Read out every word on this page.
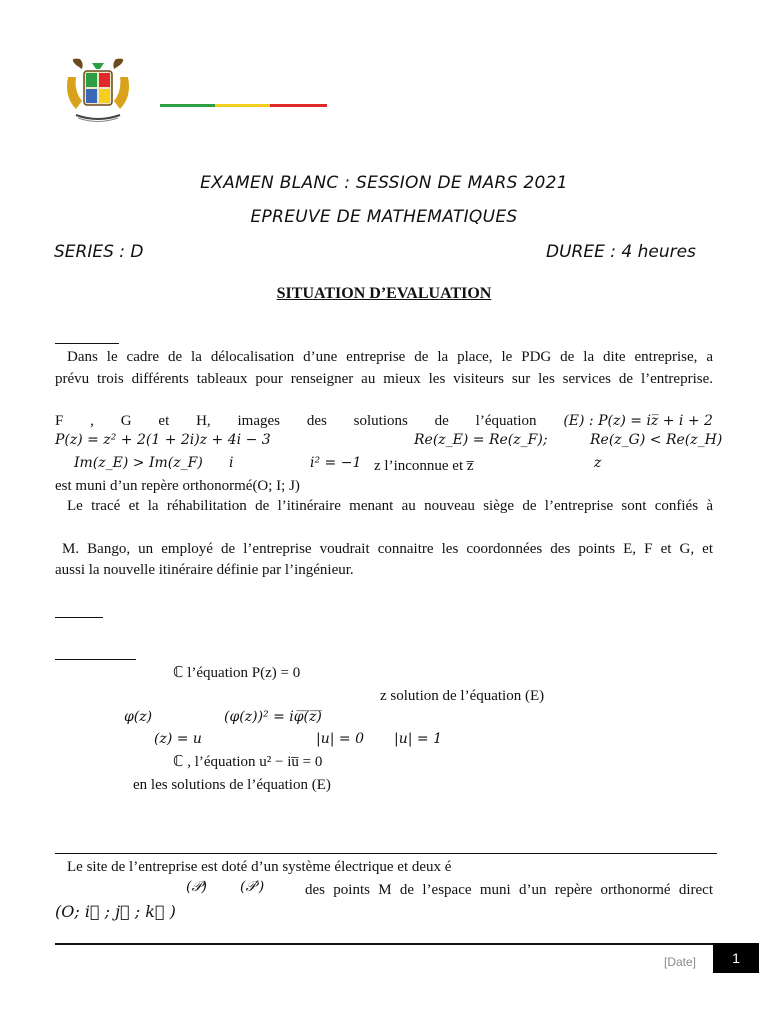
EXAMEN BLANC : SESSION DE MARS 2021
EPREUVE DE MATHEMATIQUES
SERIES : D	DUREE : 4 heures
SITUATION D’EVALUATION
Dans le cadre de la délocalisation d’une entreprise de la place, le PDG de la dite entreprise, a
prévu trois différents tableaux pour renseigner au mieux les visiteurs sur les services de l’entreprise.
F , G et H, images des solutions de l’équation (E) : P(z) = iz̅ + i + 2
P(z) = z² + 2(1 + 2i)z + 4i − 3	Re(z_E) = Re(z_F);	Re(z_G) < Re(z_H)
Im(z_E) > Im(z_F) i	i² = −1 z l’inconnue et z̅	z
est muni d’un repère orthonormé(O; I; J)
Le tracé et la réhabilitation de l’itinéraire menant au nouveau siège de l’entreprise sont confiés à
M. Bango, un employé de l’entreprise voudrait connaitre les coordonnées des points E, F et G, et
aussi la nouvelle itinéraire définie par l’ingénieur.
ℂ l’équation P(z) = 0
z solution de l’équation (E)
φ(z)	(φ(z))² = iφ̅(̅z̅)̅
(z) = u	|u| = 0 |u| = 1
ℂ , l’équation u² − iu̅ = 0
en les solutions de l’équation (E)
Le site de l’entreprise est doté d’un système électrique et deux é
(𝒫) (𝒫′)	des points M de l’espace muni d’un repère orthonormé direct
(O; i⃗ ; j⃗ ; k⃗ )
[Date]	1
